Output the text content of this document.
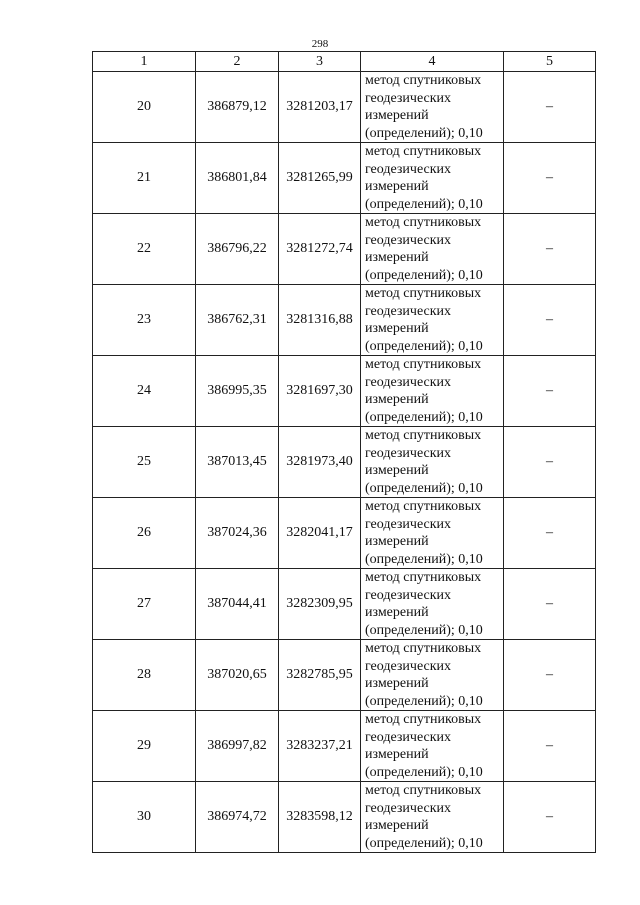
298
1	2	3	4	5
20	386879,12	3281203,17	метод спутниковых
геодезических
измерений
(определений); 0,10	–
21	386801,84	3281265,99	метод спутниковых
геодезических
измерений
(определений); 0,10	–
22	386796,22	3281272,74	метод спутниковых
геодезических
измерений
(определений); 0,10	–
23	386762,31	3281316,88	метод спутниковых
геодезических
измерений
(определений); 0,10	–
24	386995,35	3281697,30	метод спутниковых
геодезических
измерений
(определений); 0,10	–
25	387013,45	3281973,40	метод спутниковых
геодезических
измерений
(определений); 0,10	–
26	387024,36	3282041,17	метод спутниковых
геодезических
измерений
(определений); 0,10	–
27	387044,41	3282309,95	метод спутниковых
геодезических
измерений
(определений); 0,10	–
28	387020,65	3282785,95	метод спутниковых
геодезических
измерений
(определений); 0,10	–
29	386997,82	3283237,21	метод спутниковых
геодезических
измерений
(определений); 0,10	–
30	386974,72	3283598,12	метод спутниковых
геодезических
измерений
(определений); 0,10	–
